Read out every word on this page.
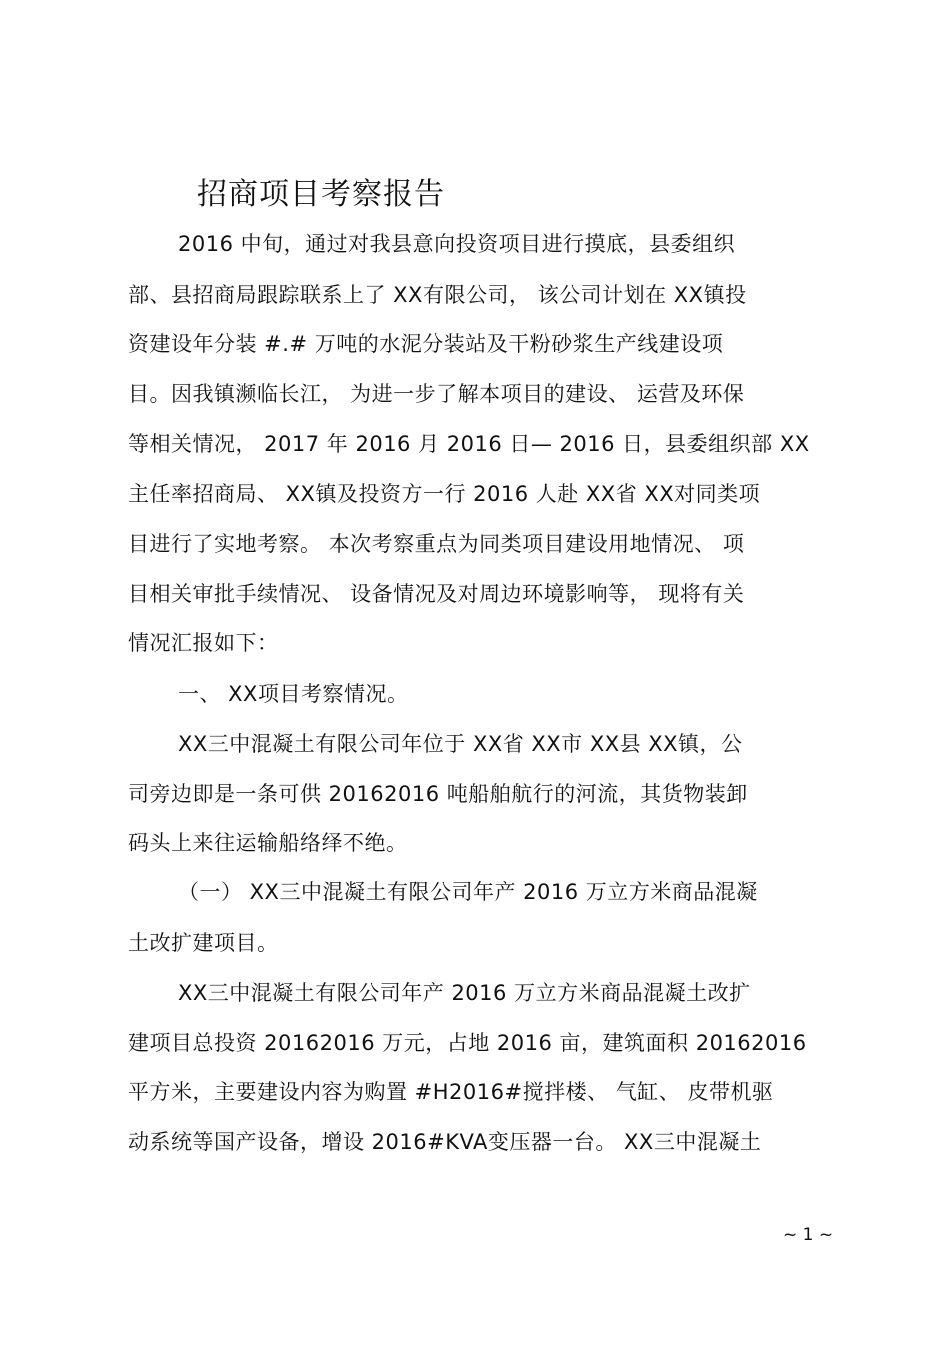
招商项目考察报告
2016 中旬，通过对我县意向投资项目进行摸底，县委组织
部、县招商局跟踪联系上了 XX有限公司， 该公司计划在 XX镇投
资建设年分装 #.# 万吨的水泥分装站及干粉砂浆生产线建设项
目。因我镇濒临长江， 为进一步了解本项目的建设、 运营及环保
等相关情况， 2017 年 2016 月 2016 日— 2016 日，县委组织部 XX
主任率招商局、 XX镇及投资方一行 2016 人赴 XX省 XX对同类项
目进行了实地考察。 本次考察重点为同类项目建设用地情况、 项
目相关审批手续情况、 设备情况及对周边环境影响等， 现将有关
情况汇报如下：
一、 XX项目考察情况。
XX三中混凝土有限公司年位于 XX省 XX市 XX县 XX镇，公
司旁边即是一条可供 20162016 吨船舶航行的河流，其货物装卸
码头上来往运输船络绎不绝。
（一） XX三中混凝土有限公司年产 2016 万立方米商品混凝
土改扩建项目。
XX三中混凝土有限公司年产 2016 万立方米商品混凝土改扩
建项目总投资 20162016 万元，占地 2016 亩，建筑面积 20162016
平方米，主要建设内容为购置 #H2016#搅拌楼、 气缸、 皮带机驱
动系统等国产设备，增设 2016#KVA变压器一台。 XX三中混凝土
~ 1 ~
